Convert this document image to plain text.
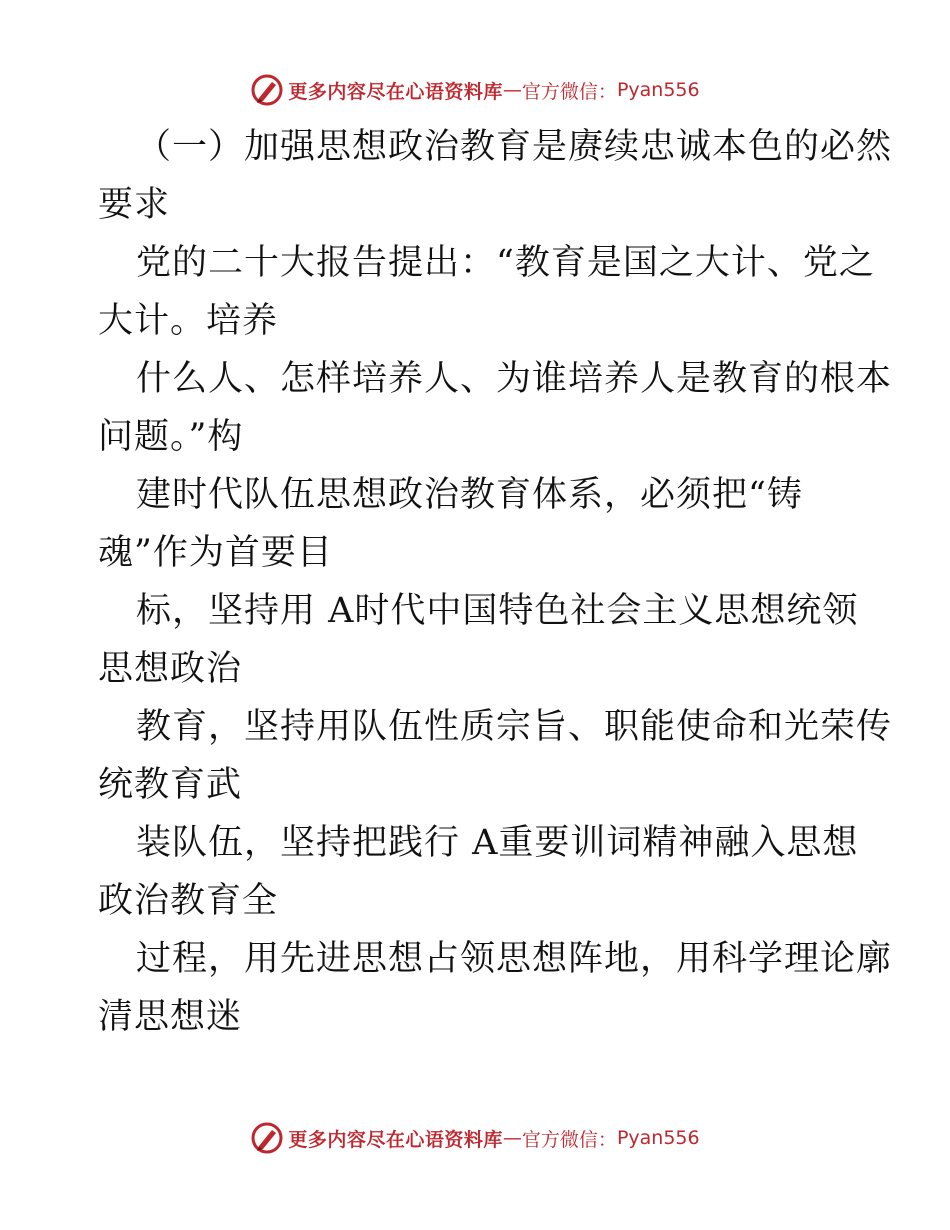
更多内容尽在心语资料库 — 官方微信： Pyan556
（一）加强思想政治教育是赓续忠诚本色的必然
要求
党的二十大报告提出：“教育是国之大计、党之
大计。培养
什么人、怎样培养人、为谁培养人是教育的根本
问题。”构
建时代队伍思想政治教育体系，必须把“铸
魂”作为首要目
标，坚持用 A时代中国特色社会主义思想统领
思想政治
教育，坚持用队伍性质宗旨、职能使命和光荣传
统教育武
装队伍，坚持把践行 A重要训词精神融入思想
政治教育全
过程，用先进思想占领思想阵地，用科学理论廓
清思想迷
更多内容尽在心语资料库 — 官方微信： Pyan556
